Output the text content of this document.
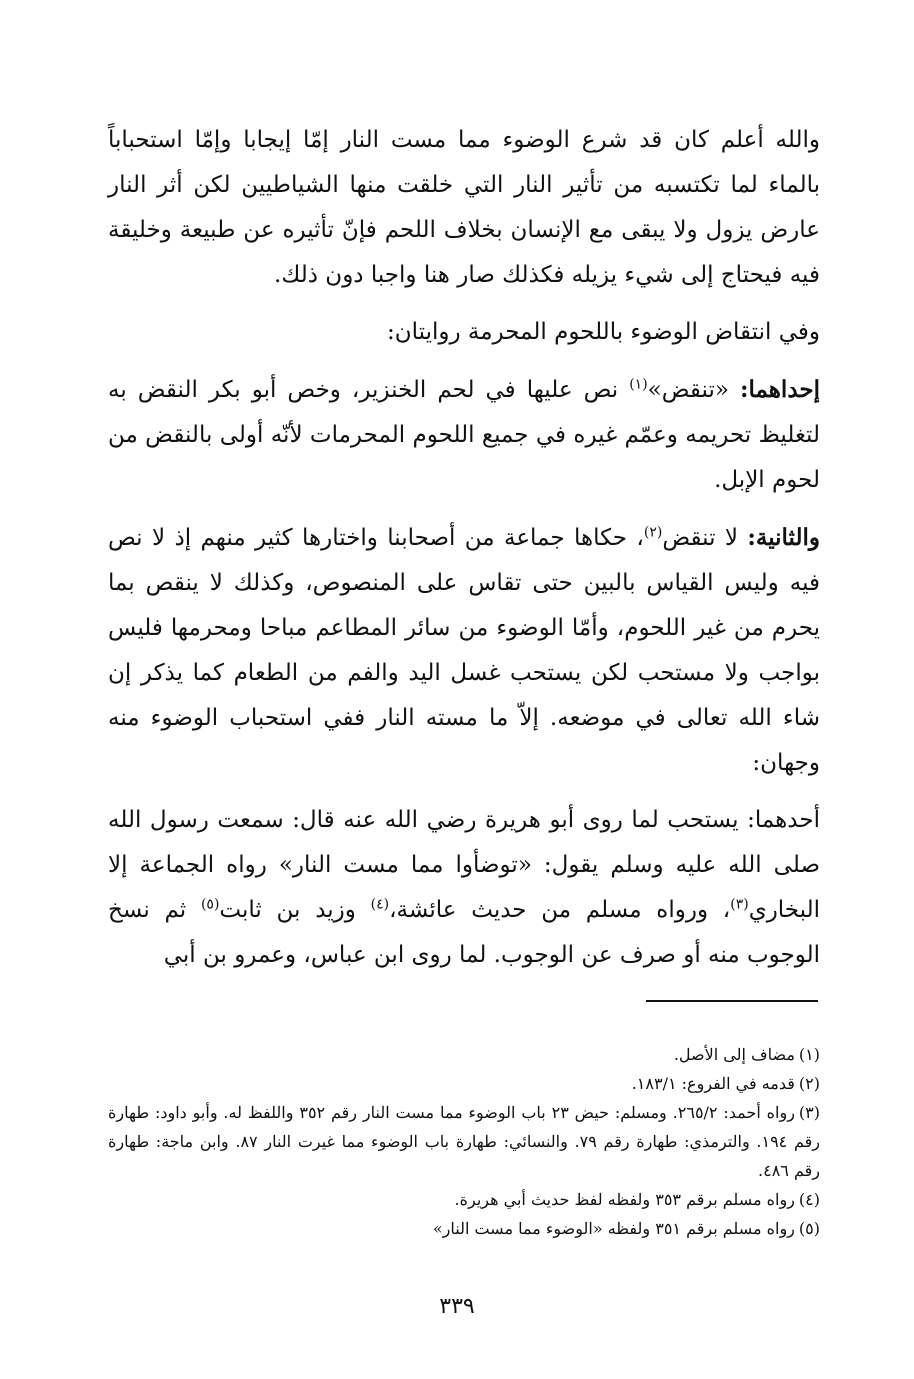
والله أعلم كان قد شرع الوضوء مما مست النار إمّا إيجابا وإمّا استحباباً بالماء لما تكتسبه من تأثير النار التي خلقت منها الشياطيين لكن أثر النار عارض يزول ولا يبقى مع الإنسان بخلاف اللحم فإنّ تأثيره عن طبيعة وخليقة فيه فيحتاج إلى شيء يزيله فكذلك صار هنا واجبا دون ذلك.

وفي انتقاض الوضوء باللحوم المحرمة روايتان:

إحداهما: «تنقض»$^{(١)}$ نص عليها في لحم الخنزير، وخص أبو بكر النقض به لتغليظ تحريمه وعمّم غيره في جميع اللحوم المحرمات لأنّه أولى بالنقض من لحوم الإبل.

والثانية: لا تنقض$^{(٢)}$، حكاها جماعة من أصحابنا واختارها كثير منهم إذ لا نص فيه وليس القياس بالبين حتى تقاس على المنصوص، وكذلك لا ينقص بما يحرم من غير اللحوم، وأمّا الوضوء من سائر المطاعم مباحا ومحرمها فليس بواجب ولا مستحب لكن يستحب غسل اليد والفم من الطعام كما يذكر إن شاء الله تعالى في موضعه. إلاّ ما مسته النار ففي استحباب الوضوء منه وجهان:

أحدهما: يستحب لما روى أبو هريرة رضي الله عنه قال: سمعت رسول الله صلى الله عليه وسلم يقول: «توضأوا مما مست النار» رواه الجماعة إلا البخاري$^{(٣)}$، ورواه مسلم من حديث عائشة،$^{(٤)}$ وزيد بن ثابت$^{(٥)}$ ثم نسخ الوجوب منه أو صرف عن الوجوب. لما روى ابن عباس، وعمرو بن أبي

(١)مضاف إلى الأصل.
(٢)قدمه في الفروع: ١٨٣/١.
(٣)رواه أحمد: ٢٦٥/٢. ومسلم: حيض ٢٣ باب الوضوء مما مست النار رقم ٣٥٢ واللفظ له. وأبو داود: طهارة رقم ١٩٤. والترمذي: طهارة رقم ٧٩. والنسائي: طهارة باب الوضوء مما غيرت النار ٨٧. وابن ماجة: طهارة رقم ٤٨٦.
(٤)رواه مسلم برقم ٣٥٣ ولفظه لفظ حديث أبي هريرة.
(٥)رواه مسلم برقم ٣٥١ ولفظه «الوضوء مما مست النار»
٣٣٩
